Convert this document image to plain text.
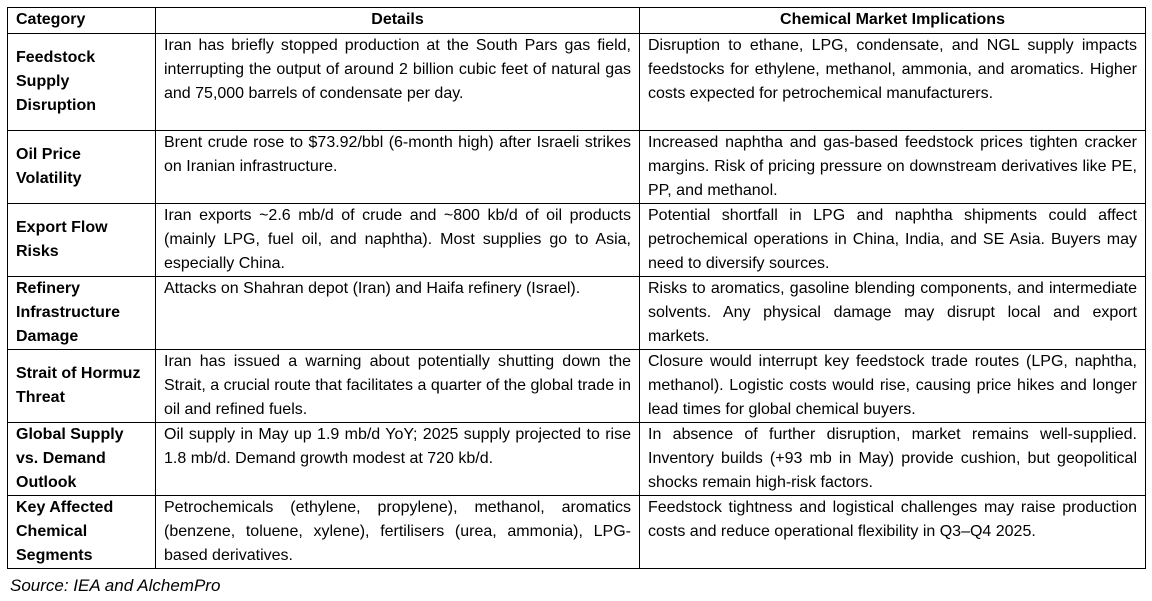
Category	Details	Chemical Market Implications
Feedstock Supply Disruption	Iran has briefly stopped production at the South Pars gas field, interrupting the output of around 2 billion cubic feet of natural gas and 75,000 barrels of condensate per day.	Disruption to ethane, LPG, condensate, and NGL supply impacts feedstocks for ethylene, methanol, ammonia, and aromatics. Higher costs expected for petrochemical manufacturers.
Oil Price Volatility	Brent crude rose to $73.92/bbl (6-month high) after Israeli strikes on Iranian infrastructure.	Increased naphtha and gas-based feedstock prices tighten cracker margins. Risk of pricing pressure on downstream derivatives like PE, PP, and methanol.
Export Flow Risks	Iran exports ~2.6 mb/d of crude and ~800 kb/d of oil products (mainly LPG, fuel oil, and naphtha). Most supplies go to Asia, especially China.	Potential shortfall in LPG and naphtha shipments could affect petrochemical operations in China, India, and SE Asia. Buyers may need to diversify sources.
Refinery Infrastructure Damage	Attacks on Shahran depot (Iran) and Haifa refinery (Israel).	Risks to aromatics, gasoline blending components, and intermediate solvents. Any physical damage may disrupt local and export markets.
Strait of Hormuz Threat	Iran has issued a warning about potentially shutting down the Strait, a crucial route that facilitates a quarter of the global trade in oil and refined fuels.	Closure would interrupt key feedstock trade routes (LPG, naphtha, methanol). Logistic costs would rise, causing price hikes and longer lead times for global chemical buyers.
Global Supply vs. Demand Outlook	Oil supply in May up 1.9 mb/d YoY; 2025 supply projected to rise 1.8 mb/d. Demand growth modest at 720 kb/d.	In absence of further disruption, market remains well-supplied. Inventory builds (+93 mb in May) provide cushion, but geopolitical shocks remain high-risk factors.
Key Affected Chemical Segments	Petrochemicals (ethylene, propylene), methanol, aromatics (benzene, toluene, xylene), fertilisers (urea, ammonia), LPG-based derivatives.	Feedstock tightness and logistical challenges may raise production costs and reduce operational flexibility in Q3–Q4 2025.
Source: IEA and AlchemPro
